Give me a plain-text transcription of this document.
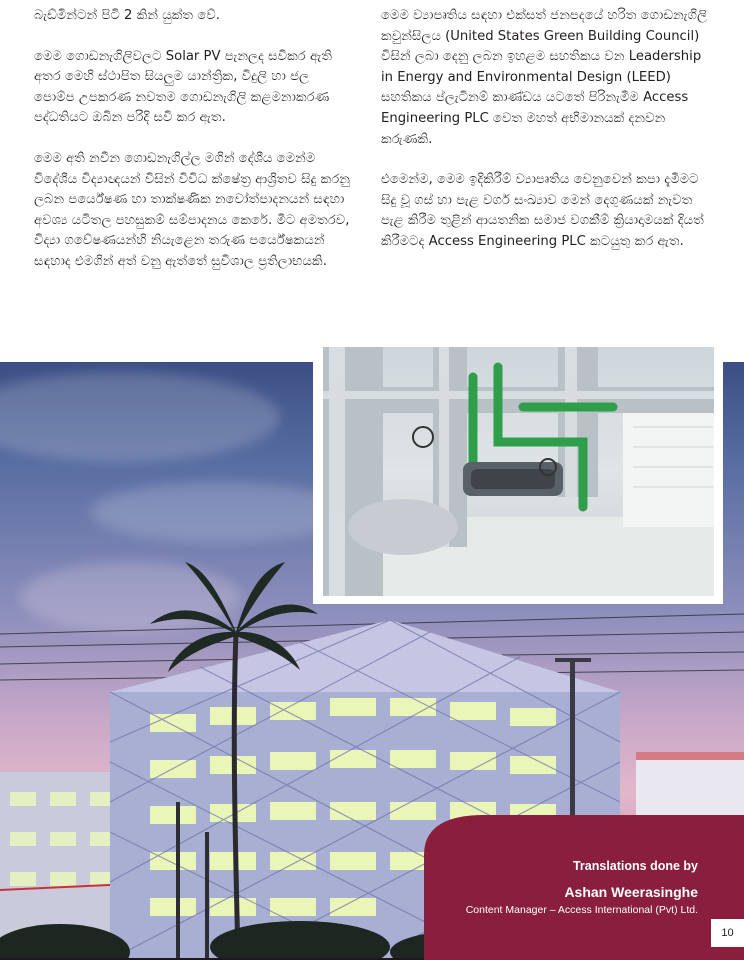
බැඩ්මින්ටන් පිටි 2 කින් යුක්ත වේ.

මෙම ගොඩනැගිලිවලට Solar PV පැනලද සවිකර ඇති අතර මෙහි ස්ථාපිත සියලුම යාන්ත්‍රික, විදුලි හා ජල පොම්ප උපකරණ නවතම ගොඩනැගිලි කළමනාකරණ පද්ධතියට ඔබින පරිදි සවි කර ඇත.

මෙම අති නවීන ගොඩනැගිල්ල මගින් දේශීය මෙන්ම විදේශීය විද්‍යාඥයන් විසින් විවිධ ක්ෂේත්‍ර ආශ්‍රිතව සිදු කරනු ලබන පර්යේෂණ හා තාක්ෂණික නවෝත්පාදනයන් සඳහා අවශ්‍ය යටිතල පහසුකම් සම්පාදනය කෙරේ. මීට අමතරව, විද්‍යා ගවේෂණයන්හි නියැළෙන තරුණ පර්යේෂකයන් සඳහාද එමගින් අත් වනු ඇත්තේ සුවිශාල ප්‍රතිලාභයකි.

මෙම ව්‍යාපෘතිය සඳහා එක්සත් ජනපදයේ හරිත ගොඩනැගිලි කවුන්සිලය (United States Green Building Council) විසින් ලබා දෙනු ලබන ඉහළම සහතිකය වන Leadership in Energy and Environmental Design (LEED) සහතිකය ප්ලැටිනම් කාණ්ඩය යටතේ පිරිනැමීම Access Engineering PLC වෙත මහත් අභිමානයක් දනවන කරුණකි.

එමෙන්ම, මෙම ඉදිකිරීම් ව්‍යාපෘතිය වෙනුවෙන් කපා දැමීමට සිදු වූ ගස් හා පැළ වර්ග සංඛ්‍යාව මෙන් දෙගුණයක් නැවත පැළ කිරීම තුළින් ආයතනික සමාජ වගකීම් ක්‍රියාදාමයක් දියත් කිරීමටද Access Engineering PLC කටයුතු කර ඇත.

Translations done by
Ashan Weerasinghe
Content Manager – Access International (Pvt) Ltd.
10
